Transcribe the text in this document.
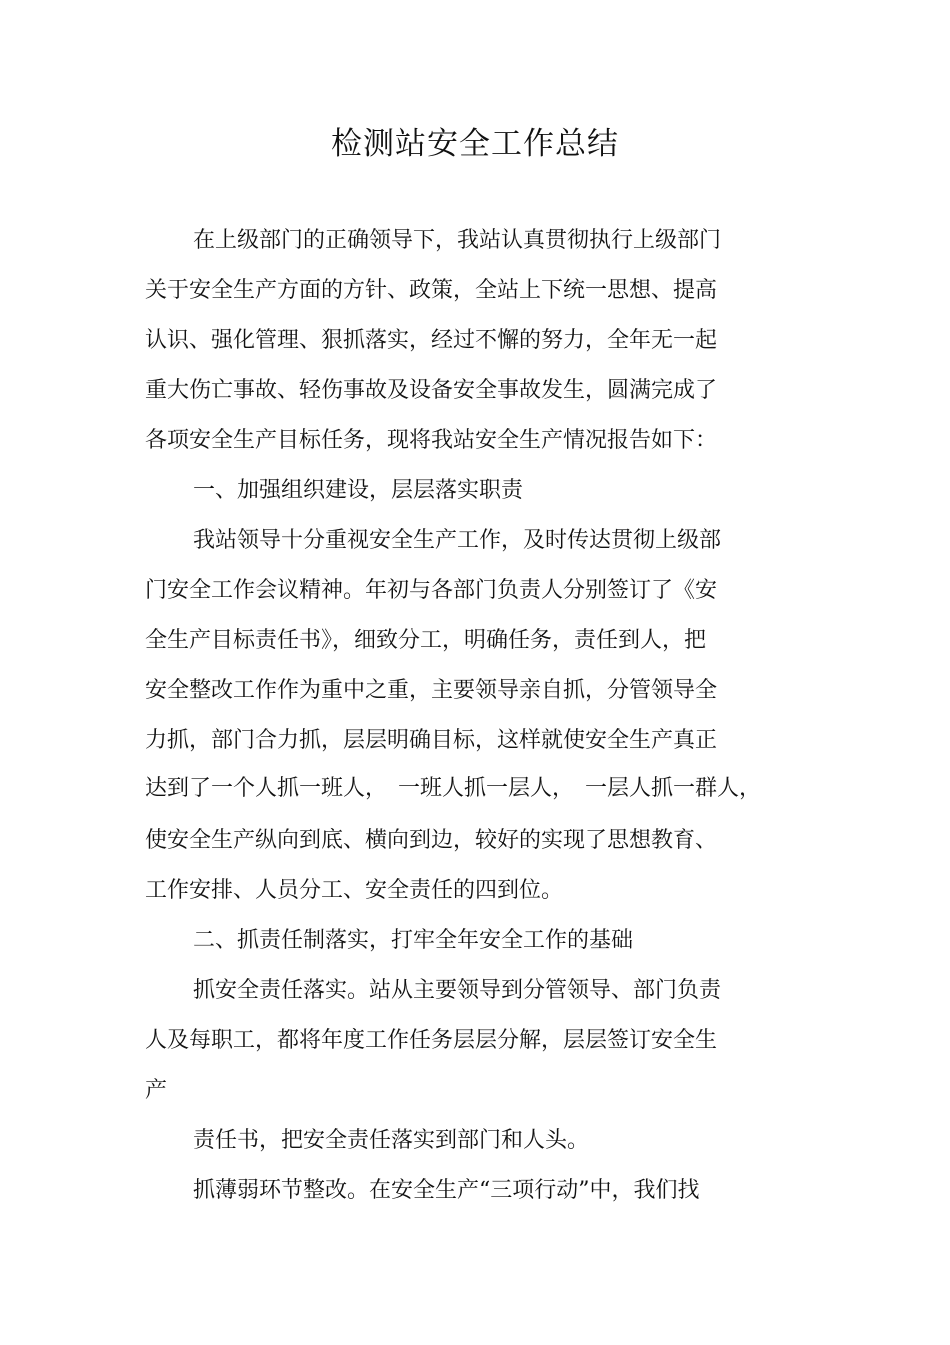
检测站安全工作总结
在上级部门的正确领导下，我站认真贯彻执行上级部门
关于安全生产方面的方针、政策，全站上下统一思想、提高
认识、强化管理、狠抓落实，经过不懈的努力，全年无一起
重大伤亡事故、轻伤事故及设备安全事故发生，圆满完成了
各项安全生产目标任务，现将我站安全生产情况报告如下：
一、加强组织建设，层层落实职责
我站领导十分重视安全生产工作，及时传达贯彻上级部
门安全工作会议精神。年初与各部门负责人分别签订了《安
全生产目标责任书》，细致分工，明确任务，责任到人，把
安全整改工作作为重中之重，主要领导亲自抓，分管领导全
力抓，部门合力抓，层层明确目标，这样就使安全生产真正
达到了一个人抓一班人，　一班人抓一层人，　一层人抓一群人，
使安全生产纵向到底、横向到边，较好的实现了思想教育、
工作安排、人员分工、安全责任的四到位。
二、抓责任制落实，打牢全年安全工作的基础
抓安全责任落实。站从主要领导到分管领导、部门负责
人及每职工，都将年度工作任务层层分解，层层签订安全生
产
责任书，把安全责任落实到部门和人头。
抓薄弱环节整改。在安全生产“三项行动”中，我们找
